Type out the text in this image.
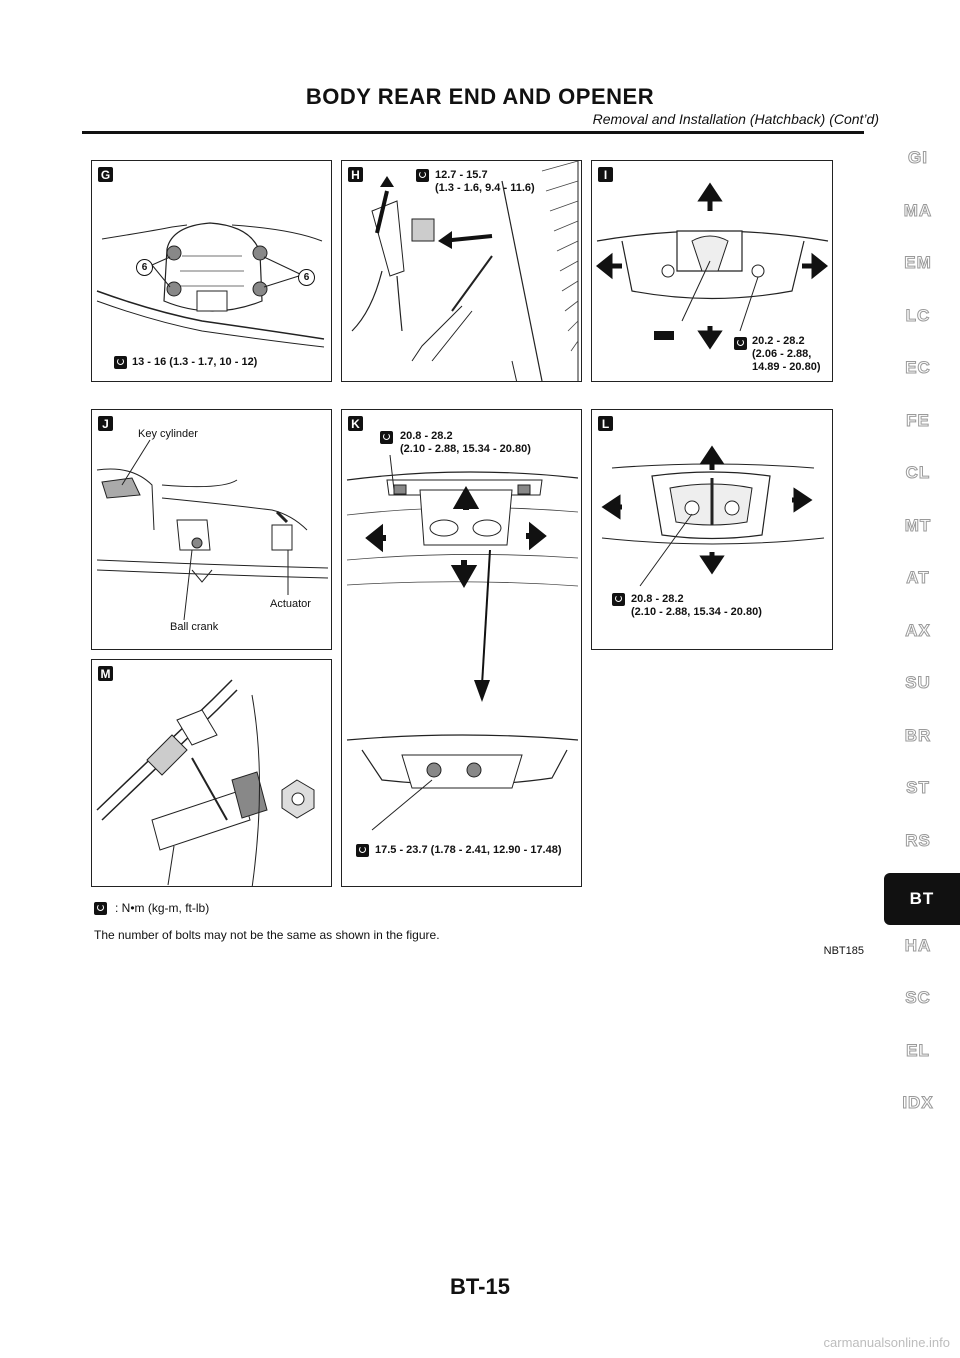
BODY REAR END AND OPENER
Removal and Installation (Hatchback) (Cont’d)
G
6
6
13 - 16 (1.3 - 1.7, 10 - 12)
H	12.7 - 15.7
(1.3 - 1.6, 9.4 - 11.6)
I
20.2 - 28.2
(2.06 - 2.88,
14.89 - 20.80)
J
Key cylinder
Actuator
Ball crank
K
20.8 - 28.2
(2.10 - 2.88, 15.34 - 20.80)
17.5 - 23.7 (1.78 - 2.41, 12.90 - 17.48)
L
20.8 - 28.2
(2.10 - 2.88, 15.34 - 20.80)
M
: N•m (kg-m, ft-lb)
The number of bolts may not be the same as shown in the figure.
NBT185
GI
MA
EM
LC
EC
FE
CL
MT
AT
AX
SU
BR
ST
RS
BT
HA
SC
EL
IDX
BT-15
carmanualsonline.info
